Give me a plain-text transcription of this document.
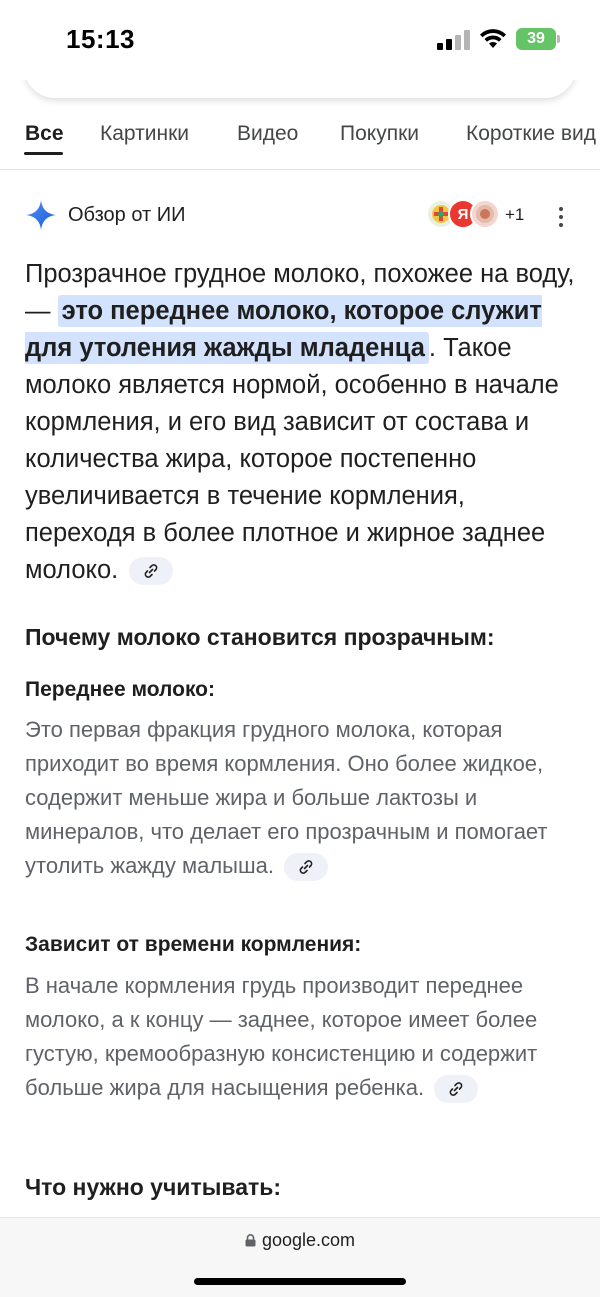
15:13	39
Все Картинки Видео Покупки Короткие вид
Обзор от ИИ	Я	+1
Прозрачное грудное молоко, похожее на воду, — это переднее молоко, которое служит для утоления жажды младенца . Такое молоко является нормой, особенно в начале кормления, и его вид зависит от состава и количества жира, которое постепенно увеличивается в течение кормления, переходя в более плотное и жирное заднее молоко.
Почему молоко становится прозрачным:
Переднее молоко:
Это первая фракция грудного молока, которая приходит во время кормления. Оно более жидкое, содержит меньше жира и больше лактозы и минералов, что делает его прозрачным и помогает утолить жажду малыша.
Зависит от времени кормления:
В начале кормления грудь производит переднее молоко, а к концу — заднее, которое имеет более густую, кремообразную консистенцию и содержит больше жира для насыщения ребенка.
Что нужно учитывать:
google.com
